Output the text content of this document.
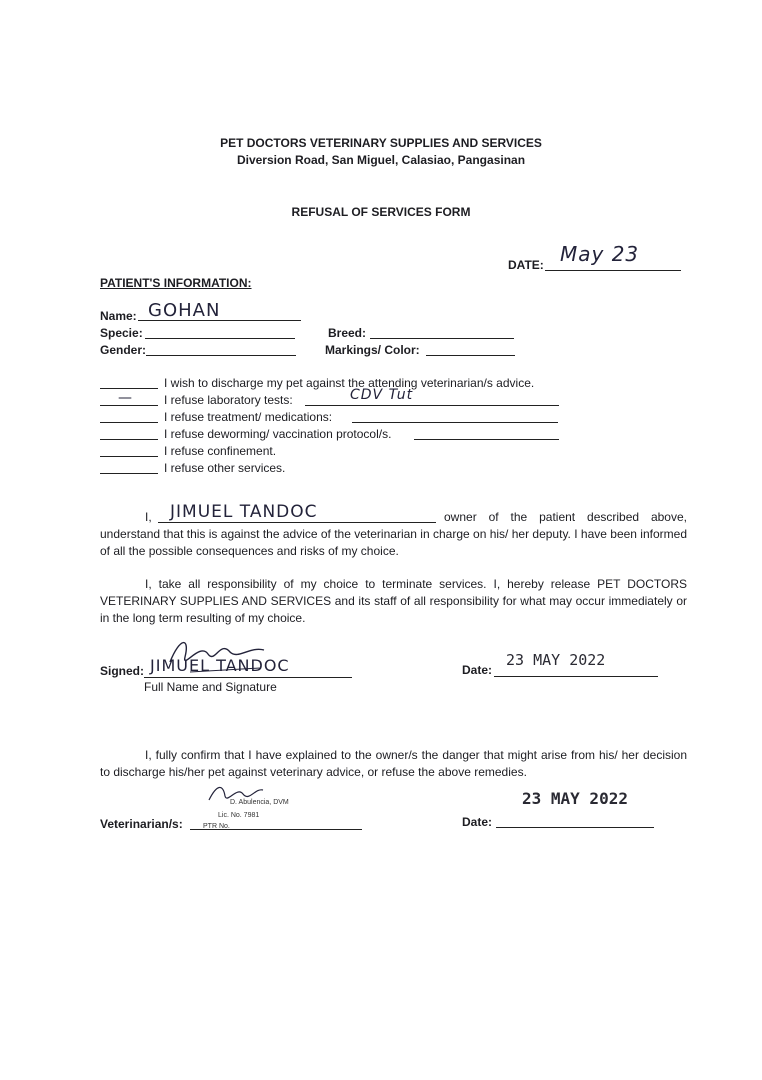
PET DOCTORS VETERINARY SUPPLIES AND SERVICES
Diversion Road, San Miguel, Calasiao, Pangasinan
REFUSAL OF SERVICES FORM
DATE: May 23
PATIENT'S INFORMATION:
Name: GOHAN
Specie:	Breed:
Gender:	Markings/ Color:
I wish to discharge my pet against the attending veterinarian/s advice.
—	I refuse laboratory tests:	CDV Tut
I refuse treatment/ medications:
I refuse deworming/ vaccination protocol/s.
I refuse confinement.
I refuse other services.
I, JIMUEL TANDOC	owner of the patient described above,
understand that this is against the advice of the veterinarian in charge on his/ her deputy. I have been informed of all the possible consequences and risks of my choice.
I, take all responsibility of my choice to terminate services. I, hereby release PET DOCTORS VETERINARY SUPPLIES AND SERVICES and its staff of all responsibility for what may occur immediately or in the long term resulting of my choice.
Signed: JIMUEL TANDOC
Full Name and Signature
Date:
23 MAY 2022
I, fully confirm that I have explained to the owner/s the danger that might arise from his/ her decision to discharge his/her pet against veterinary advice, or refuse the above remedies.
D. Abulencia, DVM
Lic. No. 7981
PTR No.
Veterinarian/s:	Date:
23 MAY 2022
